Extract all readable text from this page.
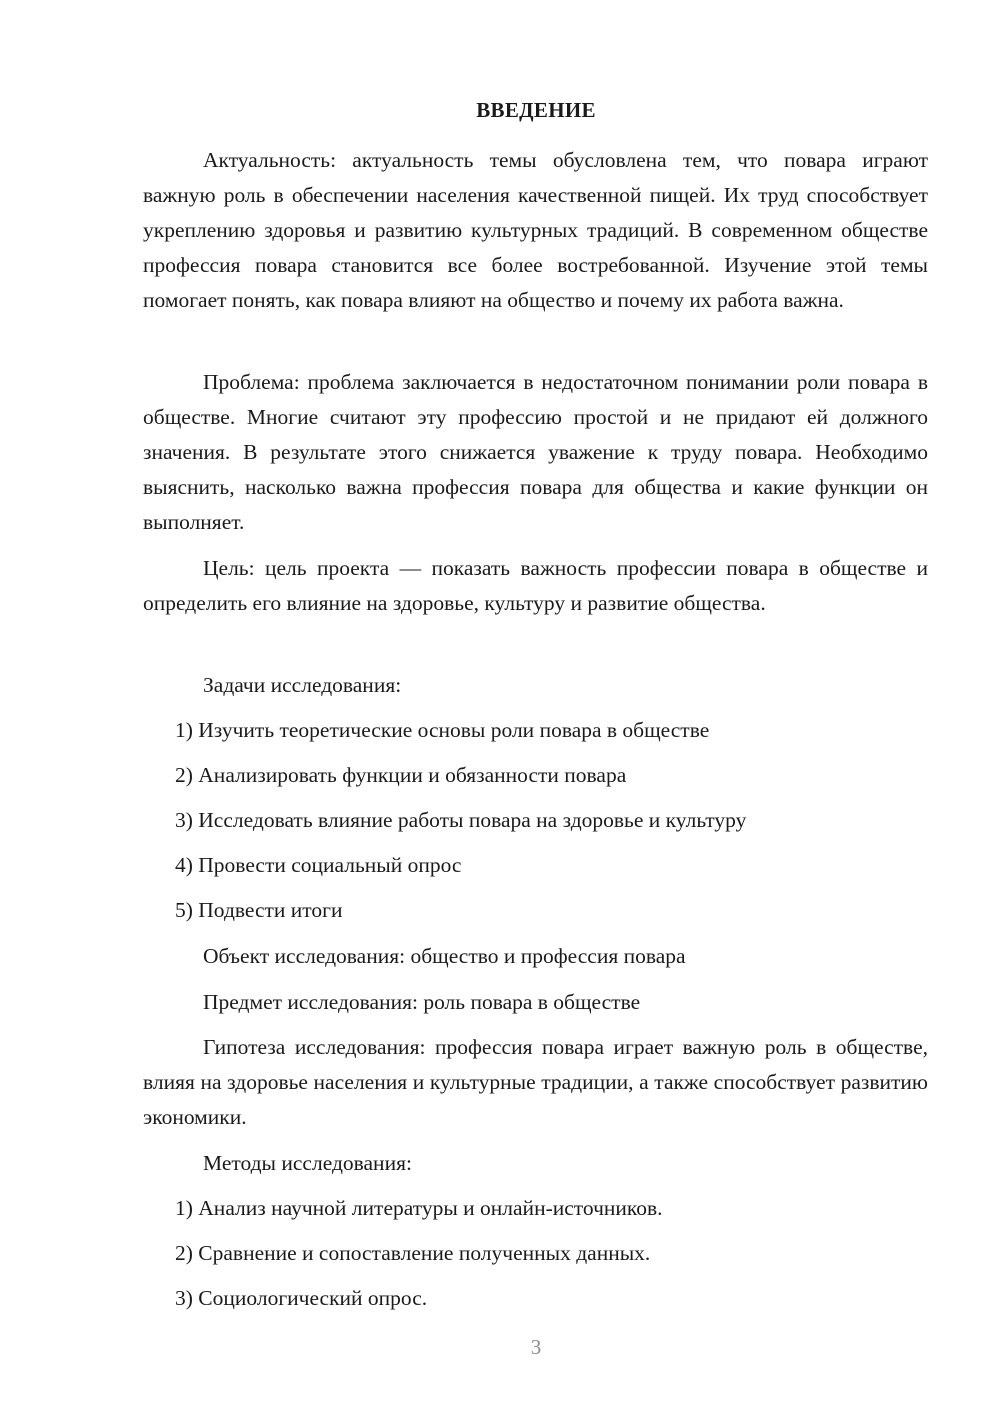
ВВЕДЕНИЕ

Актуальность: актуальность темы обусловлена тем, что повара играют важную роль в обеспечении населения качественной пищей. Их труд способствует укреплению здоровья и развитию культурных традиций. В современном обществе профессия повара становится все более востребованной. Изучение этой темы помогает понять, как повара влияют на общество и почему их работа важна.

Проблема: проблема заключается в недостаточном понимании роли повара в обществе. Многие считают эту профессию простой и не придают ей должного значения. В результате этого снижается уважение к труду повара. Необходимо выяснить, насколько важна профессия повара для общества и какие функции он выполняет.

Цель: цель проекта — показать важность профессии повара в обществе и определить его влияние на здоровье, культуру и развитие общества.

Задачи исследования:

1) Изучить теоретические основы роли повара в обществе

2) Анализировать функции и обязанности повара

3) Исследовать влияние работы повара на здоровье и культуру

4) Провести социальный опрос

5) Подвести итоги

Объект исследования: общество и профессия повара

Предмет исследования: роль повара в обществе

Гипотеза исследования: профессия повара играет важную роль в обществе, влияя на здоровье населения и культурные традиции, а также способствует развитию экономики.

Методы исследования:

1) Анализ научной литературы и онлайн-источников.

2) Сравнение и сопоставление полученных данных.

3) Социологический опрос.

3
